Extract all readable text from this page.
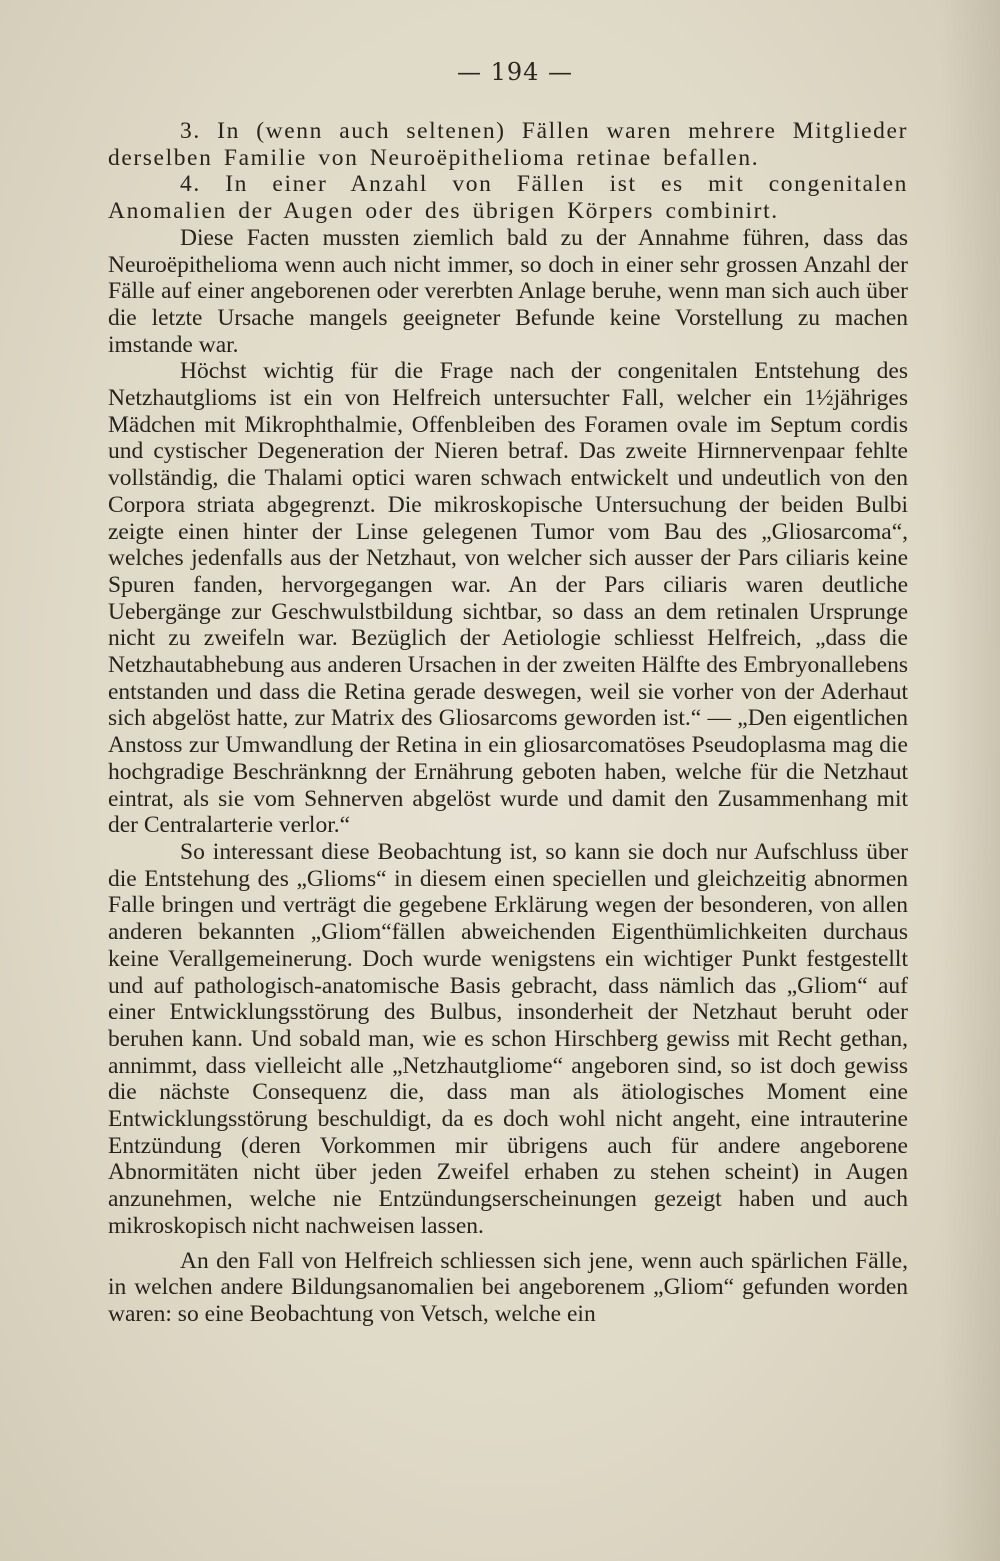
— 194 —

3. In (wenn auch seltenen) Fällen waren mehrere Mitglieder derselben Familie von Neuroëpithelioma retinae befallen.

4. In einer Anzahl von Fällen ist es mit congenitalen Anomalien der Augen oder des übrigen Körpers combinirt.

Diese Facten mussten ziemlich bald zu der Annahme führen, dass das Neuroëpithelioma wenn auch nicht immer, so doch in einer sehr grossen Anzahl der Fälle auf einer angeborenen oder vererbten Anlage beruhe, wenn man sich auch über die letzte Ursache mangels geeigneter Befunde keine Vorstellung zu machen imstande war.

Höchst wichtig für die Frage nach der congenitalen Entstehung des Netzhautglioms ist ein von Helfreich untersuchter Fall, welcher ein 1½jähriges Mädchen mit Mikrophthalmie, Offenbleiben des Foramen ovale im Septum cordis und cystischer Degeneration der Nieren betraf. Das zweite Hirnnervenpaar fehlte vollständig, die Thalami optici waren schwach entwickelt und undeutlich von den Corpora striata abgegrenzt. Die mikroskopische Untersuchung der beiden Bulbi zeigte einen hinter der Linse gelegenen Tumor vom Bau des „Gliosarcoma“, welches jedenfalls aus der Netzhaut, von welcher sich ausser der Pars ciliaris keine Spuren fanden, hervorgegangen war. An der Pars ciliaris waren deutliche Uebergänge zur Geschwulstbildung sichtbar, so dass an dem retinalen Ursprunge nicht zu zweifeln war. Bezüglich der Aetiologie schliesst Helfreich, „dass die Netzhautabhebung aus anderen Ursachen in der zweiten Hälfte des Embryonallebens entstanden und dass die Retina gerade deswegen, weil sie vorher von der Aderhaut sich abgelöst hatte, zur Matrix des Gliosarcoms geworden ist.“ — „Den eigentlichen Anstoss zur Umwandlung der Retina in ein gliosarcomatöses Pseudoplasma mag die hochgradige Beschränknng der Ernährung geboten haben, welche für die Netzhaut eintrat, als sie vom Sehnerven abgelöst wurde und damit den Zusammenhang mit der Centralarterie verlor.“

So interessant diese Beobachtung ist, so kann sie doch nur Aufschluss über die Entstehung des „Glioms“ in diesem einen speciellen und gleichzeitig abnormen Falle bringen und verträgt die gegebene Erklärung wegen der besonderen, von allen anderen bekannten „Gliom“fällen abweichenden Eigenthümlichkeiten durchaus keine Verallgemeinerung. Doch wurde wenigstens ein wichtiger Punkt festgestellt und auf pathologisch-anatomische Basis gebracht, dass nämlich das „Gliom“ auf einer Entwicklungsstörung des Bulbus, insonderheit der Netzhaut beruht oder beruhen kann. Und sobald man, wie es schon Hirschberg gewiss mit Recht gethan, annimmt, dass vielleicht alle „Netzhautgliome“ angeboren sind, so ist doch gewiss die nächste Consequenz die, dass man als ätiologisches Moment eine Entwicklungsstörung beschuldigt, da es doch wohl nicht angeht, eine intrauterine Entzündung (deren Vorkommen mir übrigens auch für andere angeborene Abnormitäten nicht über jeden Zweifel erhaben zu stehen scheint) in Augen anzunehmen, welche nie Entzündungserscheinungen gezeigt haben und auch mikroskopisch nicht nachweisen lassen.

An den Fall von Helfreich schliessen sich jene, wenn auch spärlichen Fälle, in welchen andere Bildungsanomalien bei angeborenem „Gliom“ gefunden worden waren: so eine Beobachtung von Vetsch, welche ein
